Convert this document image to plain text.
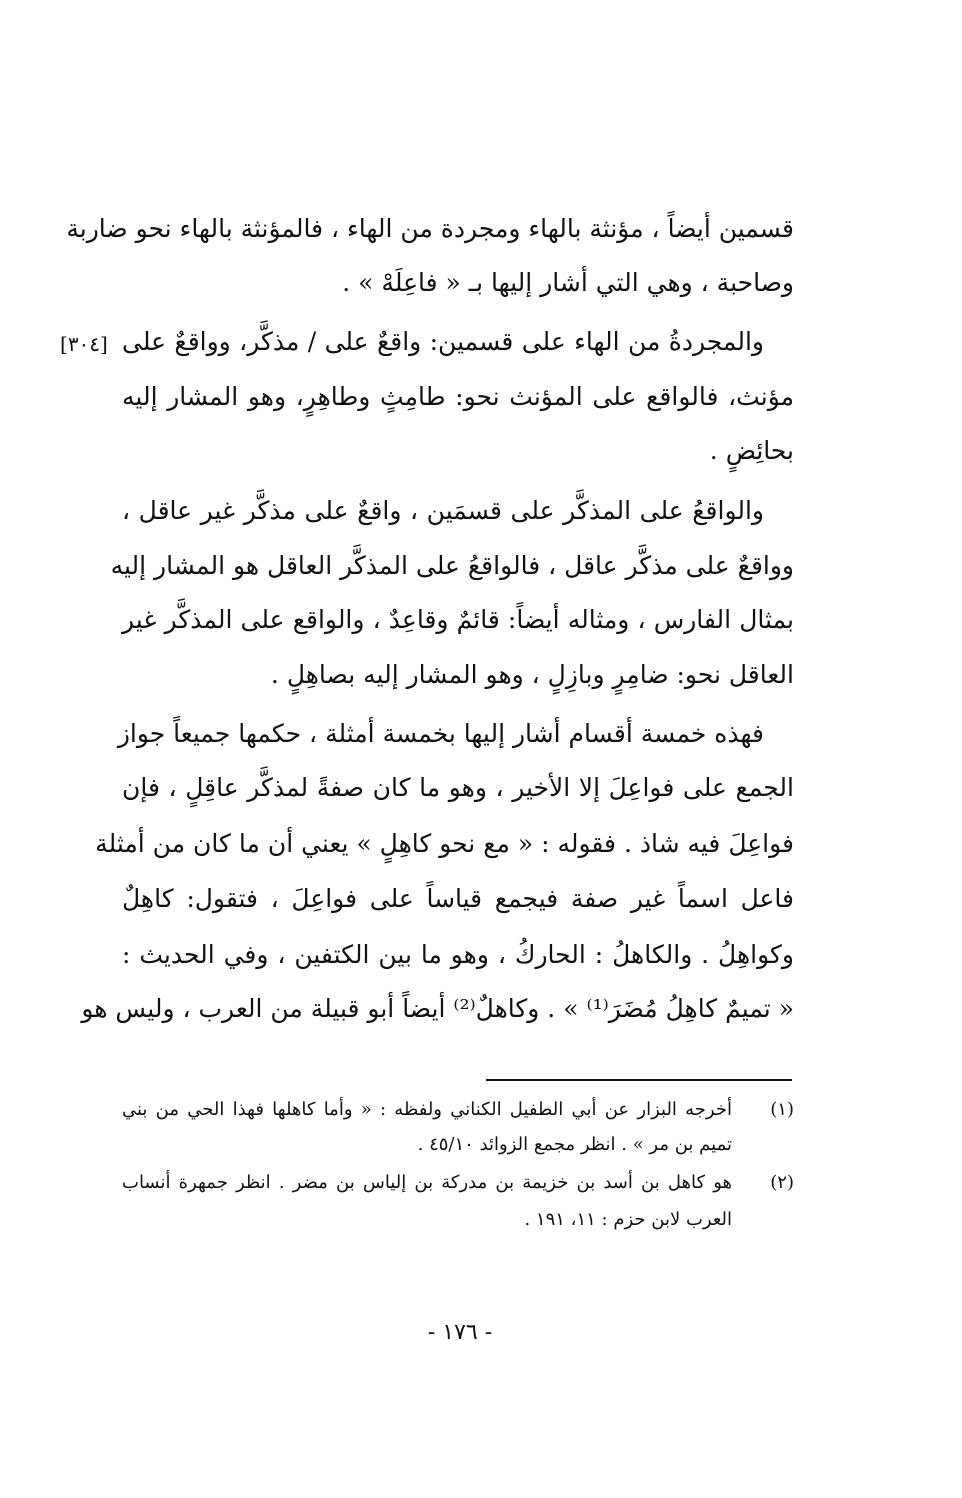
قسمين أيضاً ، مؤنثة بالهاء ومجردة من الهاء ، فالمؤنثة بالهاء نحو ضاربة
وصاحبة ، وهي التي أشار إليها بـ « فاعِلَهْ » .
والمجردةُ من الهاء على قسمين: واقعٌ على / مذكَّر، وواقعٌ على
مؤنث، فالواقع على المؤنث نحو: طامِثٍ وطاهِرٍ، وهو المشار إليه
بحائِضٍ .
والواقعُ على المذكَّر على قسمَين ، واقعٌ على مذكَّر غير عاقل ،
وواقعٌ على مذكَّر عاقل ، فالواقعُ على المذكَّر العاقل هو المشار إليه
بمثال الفارس ، ومثاله أيضاً: قائمٌ وقاعِدٌ ، والواقع على المذكَّر غير
العاقل نحو: ضامِرٍ وبازِلٍ ، وهو المشار إليه بصاهِلٍ .
فهذه خمسة أقسام أشار إليها بخمسة أمثلة ، حكمها جميعاً جواز
الجمع على فواعِلَ إلا الأخير ، وهو ما كان صفةً لمذكَّر عاقِلٍ ، فإن
فواعِلَ فيه شاذ . فقوله : « مع نحو كاهِلٍ » يعني أن ما كان من أمثلة
فاعل اسماً غير صفة فيجمع قياساً على فواعِلَ ، فتقول: كاهِلٌ
وكواهِلُ . والكاهلُ : الحاركُ ، وهو ما بين الكتفين ، وفي الحديث :
« تميمٌ كاهِلُ مُضَرَ⁽¹⁾ » . وكاهلٌ⁽²⁾ أيضاً أبو قبيلة من العرب ، وليس هو
[٣٠٤]
(١)
أخرجه البزار عن أبي الطفيل الكناني ولفظه : « وأما كاهلها فهذا الحي من بني
تميم بن مر » . انظر مجمع الزوائد ٤٥/١٠ .
(٢)
هو كاهل بن أسد بن خزيمة بن مدركة بن إلياس بن مضر . انظر جمهرة أنساب
العرب لابن حزم : ١١، ١٩١ .
- ١٧٦ -
